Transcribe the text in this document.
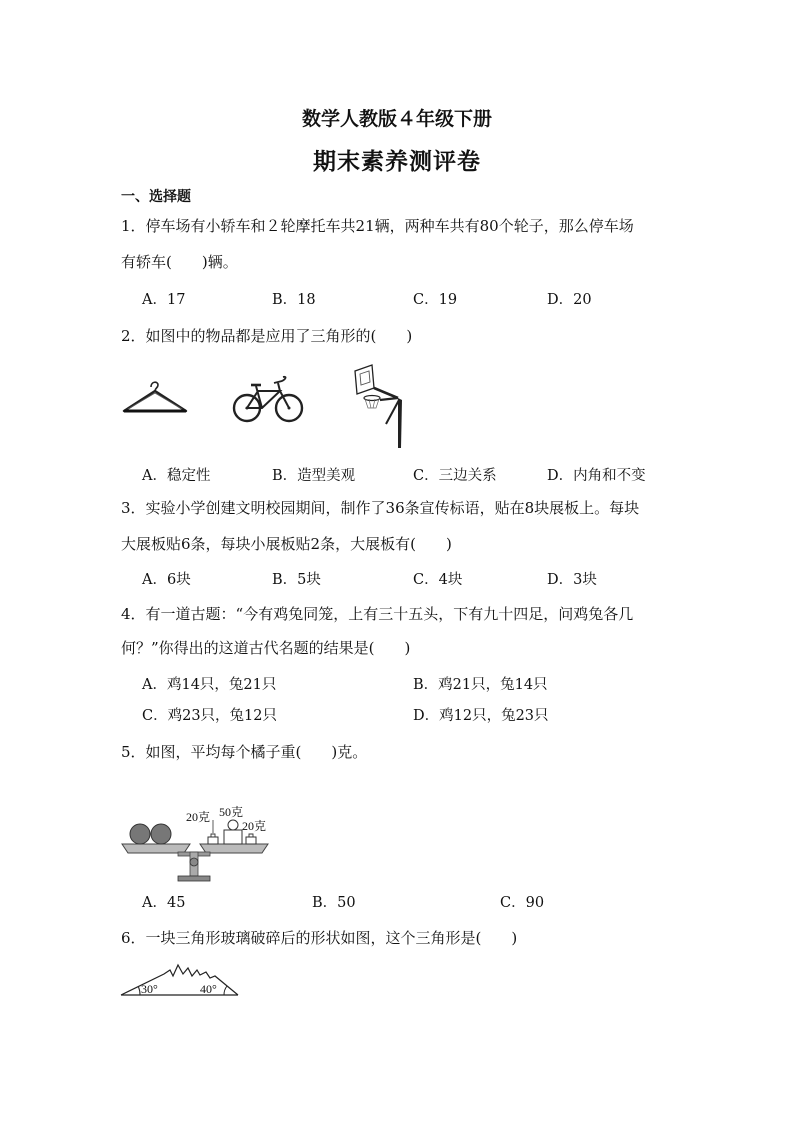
数学人教版４年级下册
期末素养测评卷
一、选择题
1．停车场有小轿车和２轮摩托车共21辆，两种车共有80个轮子，那么停车场
有轿车(　　)辆。
A．17	B．18	C．19	D．20
2．如图中的物品都是应用了三角形的(　　)
A．稳定性	B．造型美观	C．三边关系	D．内角和不变
3．实验小学创建文明校园期间，制作了36条宣传标语，贴在8块展板上。每块
大展板贴6条，每块小展板贴2条，大展板有(　　)
A．6块	B．5块	C．4块	D．3块
4．有一道古题：“今有鸡兔同笼，上有三十五头，下有九十四足，问鸡兔各几
何？”你得出的这道古代名题的结果是(　　)
A．鸡14只，兔21只	B．鸡21只，兔14只
C．鸡23只，兔12只	D．鸡12只，兔23只
5．如图，平均每个橘子重(　　)克。
20克 50克
20克
A．45	B．50	C．90
6．一块三角形玻璃破碎后的形状如图，这个三角形是(　　)
30°	40°
